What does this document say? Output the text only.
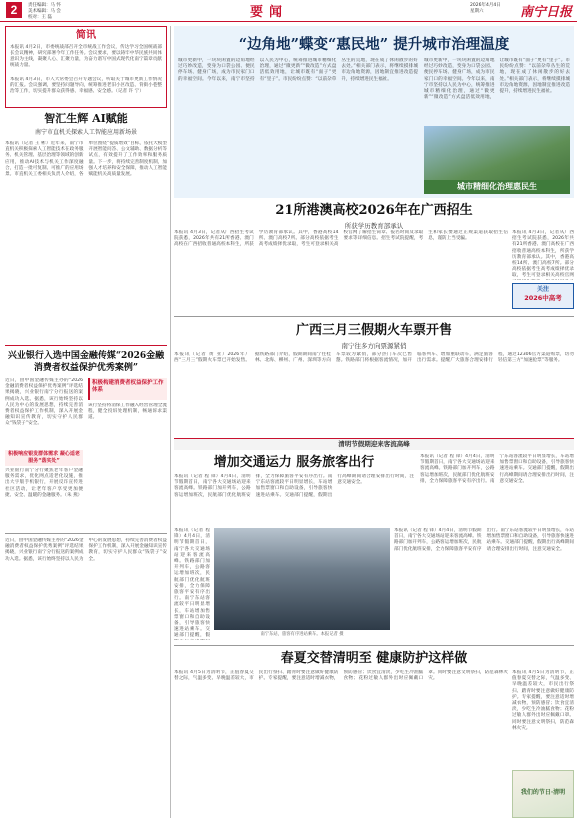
2	责任编辑：马 怀
美术编辑：马 会
校对：王 磊	要闻	2026年4月4日
星期六	南宁日报
简讯
本报讯 4月2日，市委统战部召开全市统战工作会议，传达学习全国统战部长会议精神，研究部署今年工作任务。会议要求，要以铸牢中华民族共同体意识为主线，凝聚人心、汇聚力量，为奋力谱写中国式现代化南宁篇章贡献统战力量。
本报讯 4月3日，市人大常委会召开专题会议，听取关于城市更新工作情况的汇报。会议强调，要坚持问题导向，统筹推进老旧小区改造、背街小巷整治等工作，切实提升群众获得感、幸福感、安全感。（记者 许 宁）
智汇生辉 AI赋能
南宁市直机关探索人工智能应用新场景
本报讯（记者 王 彬）近年来，南宁市直机关积极探索人工智能技术在政务服务、机关管理、基层治理等领域的创新应用，推动AI技术与机关工作深度融合，打造一批可复制、可推广的应用场景。市直机关工委相关负责人介绍，各单位围绕“提质增效”目标，依托大模型开展智能问答、公文辅助、数据分析等试点，有效提升了工作效率和服务质量。下一步，将持续完善制度机制，加强人才培养和安全保障，推动人工智能赋能机关高质量发展。
兴业银行入选中国金融传媒“2026金融消费者权益保护优秀案例”
近日，由中国金融传媒主办的“2026金融消费者权益保护优秀案例”评选结果揭晓，兴业银行南宁分行报送的案例成功入选。据悉，该行始终坚持以人民为中心的发展思想，持续完善消费者权益保护工作机制，深入开展金融知识宣传教育，切实守护人民群众“钱袋子”安全。
积极构建消费者权益保护工作体系
该行坚持将消保工作融入经营管理全流程，健全投诉处理机制，畅通诉求渠道。
积极响应银发群体需求 凝心适老服务“落实处”
兴业银行南宁分行聚焦老年客户金融服务需求，优化网点适老化设施，推出大字版手机银行，开展反诈宣传进社区活动，让老年客户享受更加便捷、安全、温暖的金融服务。（朱 燕）
近日，由中国金融传媒主办的“2026金融消费者权益保护优秀案例”评选结果揭晓，兴业银行南宁分行报送的案例成功入选。据悉，该行始终坚持以人民为中心的发展思想，持续完善消费者权益保护工作机制，深入开展金融知识宣传教育，切实守护人民群众“钱袋子”安全。
“边角地”蝶变“惠民地” 提升城市治理温度
城市更新中，一块块闲置的边角地经过巧妙改造，变身为口袋公园、便民停车场、健身广场，成为市民家门口的幸福空间。今年以来，南宁市坚持以人民为中心，统筹推进城市精细化治理，通过“微更新”“微改造”方式盘活低效用地，让城市既有“面子”更有“里子”。市民纷纷点赞：“以前杂草丛生的荒地，现在成了休闲散步的好去处。”相关部门表示，将继续摸排城市边角地资源，因地制宜推进改造提升，持续增进民生福祉。
城市更新中，一块块闲置的边角地经过巧妙改造，变身为口袋公园、便民停车场、健身广场，成为市民家门口的幸福空间。今年以来，南宁市坚持以人民为中心，统筹推进城市精细化治理，通过“微更新”“微改造”方式盘活低效用地，让城市既有“面子”更有“里子”。市民纷纷点赞：“以前杂草丛生的荒地，现在成了休闲散步的好去处。”相关部门表示，将继续摸排城市边角地资源，因地制宜推进改造提升，持续增进民生福祉。
城市精细化治理惠民生
21所港澳高校2026年在广西招生
所获学历教育部承认
本报讯 4月3日，记者从广西招生考试院获悉，2026年共有21所香港、澳门高校在广西招收普通高校本科生，所获学历教育部承认。其中，香港高校14所、澳门高校7所。部分高校依据考生高考成绩择优录取，考生可登录相关高校官网了解招生简章、报名时间及录取要求等详细信息。招生考试院提醒，考生和家长要通过正规渠道获取招生信息，谨防上当受骗。
本报讯 4月3日，记者从广西招生考试院获悉，2026年共有21所香港、澳门高校在广西招收普通高校本科生，所获学历教育部承认。其中，香港高校14所、澳门高校7所。部分高校依据考生高考成绩择优录取，考生可登录相关高校官网
关注
2026中高考
广西三月三假期火车票开售
南宁往多方向票源紧俏
本报讯（记者 黄 亚）2026年广西“三月三”假期火车票已开始发售。据铁路部门介绍，假期期间南宁往桂林、北海、柳州、广州、深圳等方向车票较为紧俏，部分热门车次已售罄。铁路部门将根据客流情况，加开临客列车、增加重联动车，满足旅客出行需求。提醒广大旅客合理安排行程，通过12306官方渠道购票，切勿轻信第三方“加速抢票”等服务。
清明节假期迎来客流高峰
增加交通运力 服务旅客出行
本报讯（记者 程 锋）4月4日，清明节假期首日，南宁各大交通场站迎来客流高峰。铁路部门加开列车，公路客运增加班次，民航部门优化航班安排，全力保障旅客平安有序出行。南宁东站客流较平日明显增长，车站增加售票窗口和自助设备，引导旅客快速进站乘车。交通部门提醒，假期出行高峰期间请合理安排出行时间，注意交通安全。
本报讯（记者 程 锋）4月4日，清明节假期首日，南宁各大交通场站迎来客流高峰。铁路部门加开列车，公路客运增加班次，民航部门优化航班安排，全力保障旅客平安有序出行。南宁东站客流较平日明显增长，车站增加售票窗口和自助设备，引导旅客快速进站乘车。交通部门提醒，假期出行高峰期间请合理安排出行时间，注意交通安全。
南宁东站，旅客有序进站乘车。本报记者 摄
本报讯（记者 程 锋）4月4日，清明节假期首日，南宁各大交通场站迎来客流高峰。铁路部门加开列车，公路客运增加班次，民航部门优化航班安排，全力保障旅客平安有序出行。南宁东站客流较平日明显增长，车站增加售票窗口和自助设备，引导旅客快速进站乘车。交通部门提醒，假
本报讯（记者 程 锋）4月4日，清明节假期首日，南宁各大交通场站迎来客流高峰。铁路部门加开列车，公路客运增加班次，民航部门优化航班安排，全力保障旅客平安有序出行。南宁东站客流较平日明显增长，车站增加售票窗口和自助设备，引导旅客快速进站乘车。交通部门提醒，假期出行高峰期间请合理安排出行时间，注意交通安全。
春夏交替清明至 健康防护这样做
本报讯 4月5日为清明节，正值春夏交替之际，气温多变、早晚温差较大，市民出行祭扫、踏青时要注意做好健康防护。专家提醒，要注意适时增减衣物，预防感冒；饮食宜清淡，少吃生冷油腻食物；花粉过敏人群外出时应佩戴口罩。同时要注意文明祭扫，防范森林火灾。
本报讯 4月5日为清明节，正值春夏交替之际，气温多变、早晚温差较大，市民出行祭扫、踏青时要注意做好健康防护。专家提醒，要注意适时增减衣物，预防感冒；饮食宜清淡，少吃生冷油腻食物；花粉过敏人群外出时应佩戴口罩。同时要注意文明祭扫，防范森林火灾。
我们的节日·清明
